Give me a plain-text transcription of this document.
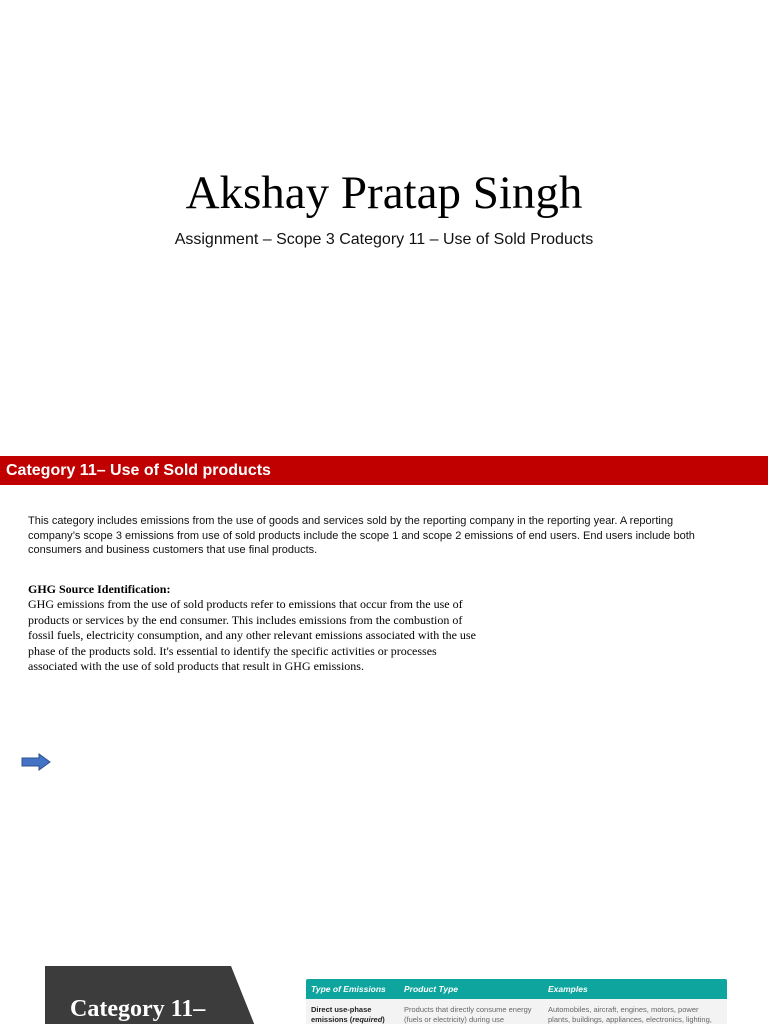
Akshay Pratap Singh
Assignment – Scope 3 Category 11 – Use of Sold Products
Category 11– Use of Sold products

This category includes emissions from the use of goods and services sold by the reporting company in the reporting year. A reporting company’s scope 3 emissions from use of sold products include the scope 1 and scope 2 emissions of end users. End users include both consumers and business customers that use final products.

GHG Source Identification:

GHG emissions from the use of sold products refer to emissions that occur from the use of products or services by the end consumer. This includes emissions from the combustion of fossil fuels, electricity consumption, and any other relevant emissions associated with the use phase of the products sold. It's essential to identify the specific activities or processes associated with the use of sold products that result in GHG emissions.

Category 11–
Type of Emissions	Product Type	Examples
Direct use-phase
emissions (required)
Products that directly consume energy
(fuels or electricity) during use
Automobiles, aircraft, engines, motors, power
plants, buildings, appliances, electronics, lighting,
